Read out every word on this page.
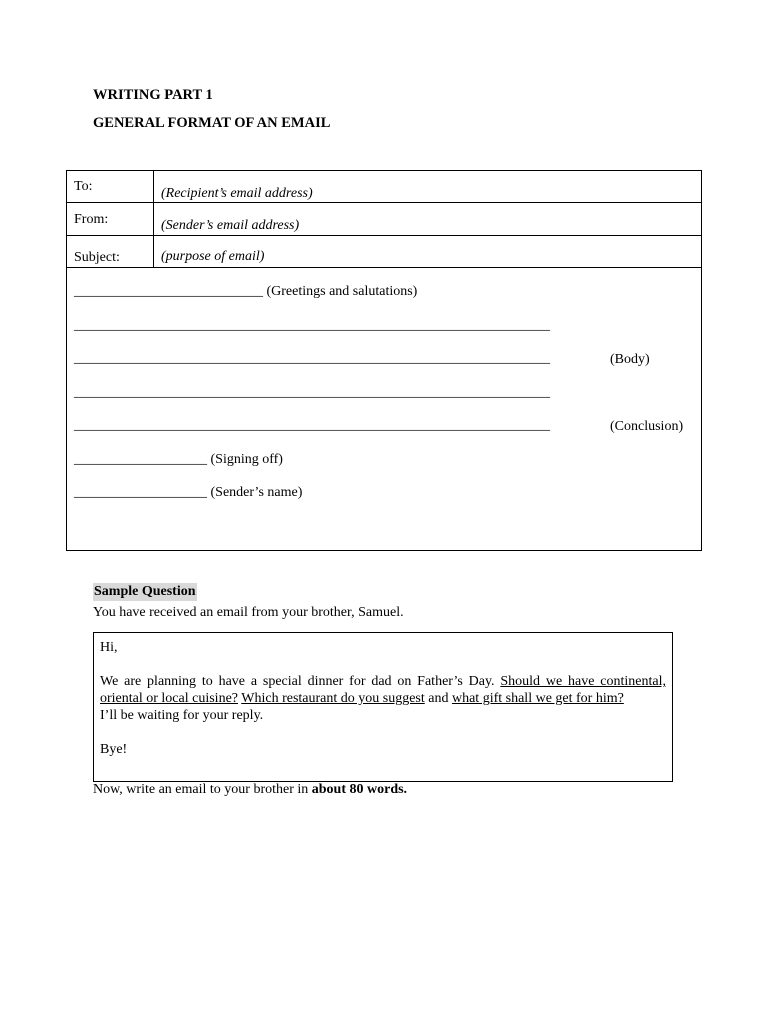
WRITING PART 1
GENERAL FORMAT OF AN EMAIL
To:	(Recipient’s email address)
From:	(Sender’s email address)
Subject:	(purpose of email)
___________________________ (Greetings and salutations)
____________________________________________________________________
____________________________________________________________________	(Body)
____________________________________________________________________
____________________________________________________________________	(Conclusion)
___________________ (Signing off)
___________________ (Sender’s name)
Sample Question
You have received an email from your brother, Samuel.

Hi,

We are planning to have a special dinner for dad on Father’s Day. Should we have continental, oriental or local cuisine? Which restaurant do you suggest and what gift shall we get for him?

I’ll be waiting for your reply.

Bye!

Now, write an email to your brother in about 80 words.
